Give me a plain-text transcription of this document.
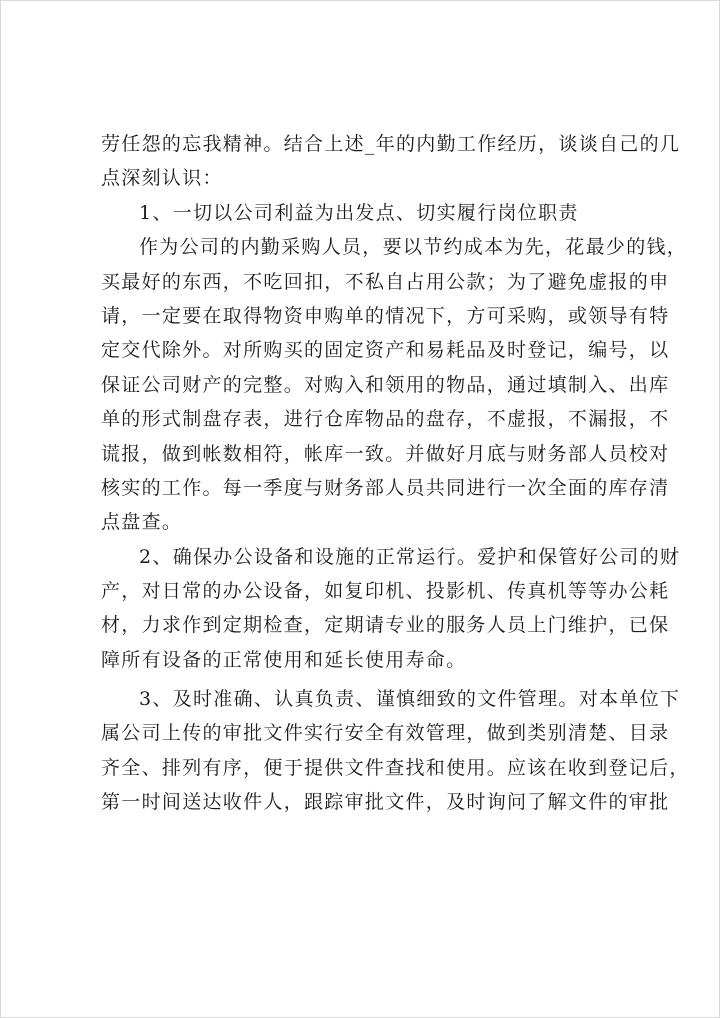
劳任怨的忘我精神。结合上述_年的内勤工作经历，谈谈自己的几
点深刻认识：
1、一切以公司利益为出发点、切实履行岗位职责
作为公司的内勤采购人员，要以节约成本为先，花最少的钱，
买最好的东西，不吃回扣，不私自占用公款；为了避免虚报的申
请，一定要在取得物资申购单的情况下，方可采购，或领导有特
定交代除外。对所购买的固定资产和易耗品及时登记，编号，以
保证公司财产的完整。对购入和领用的物品，通过填制入、出库
单的形式制盘存表，进行仓库物品的盘存，不虚报，不漏报，不
谎报，做到帐数相符，帐库一致。并做好月底与财务部人员校对
核实的工作。每一季度与财务部人员共同进行一次全面的库存清
点盘查。
2、确保办公设备和设施的正常运行。爱护和保管好公司的财
产，对日常的办公设备，如复印机、投影机、传真机等等办公耗
材，力求作到定期检查，定期请专业的服务人员上门维护，已保
障所有设备的正常使用和延长使用寿命。
3、及时准确、认真负责、谨慎细致的文件管理。对本单位下
属公司上传的审批文件实行安全有效管理，做到类别清楚、目录
齐全、排列有序，便于提供文件查找和使用。应该在收到登记后，
第一时间送达收件人，跟踪审批文件，及时询问了解文件的审批
